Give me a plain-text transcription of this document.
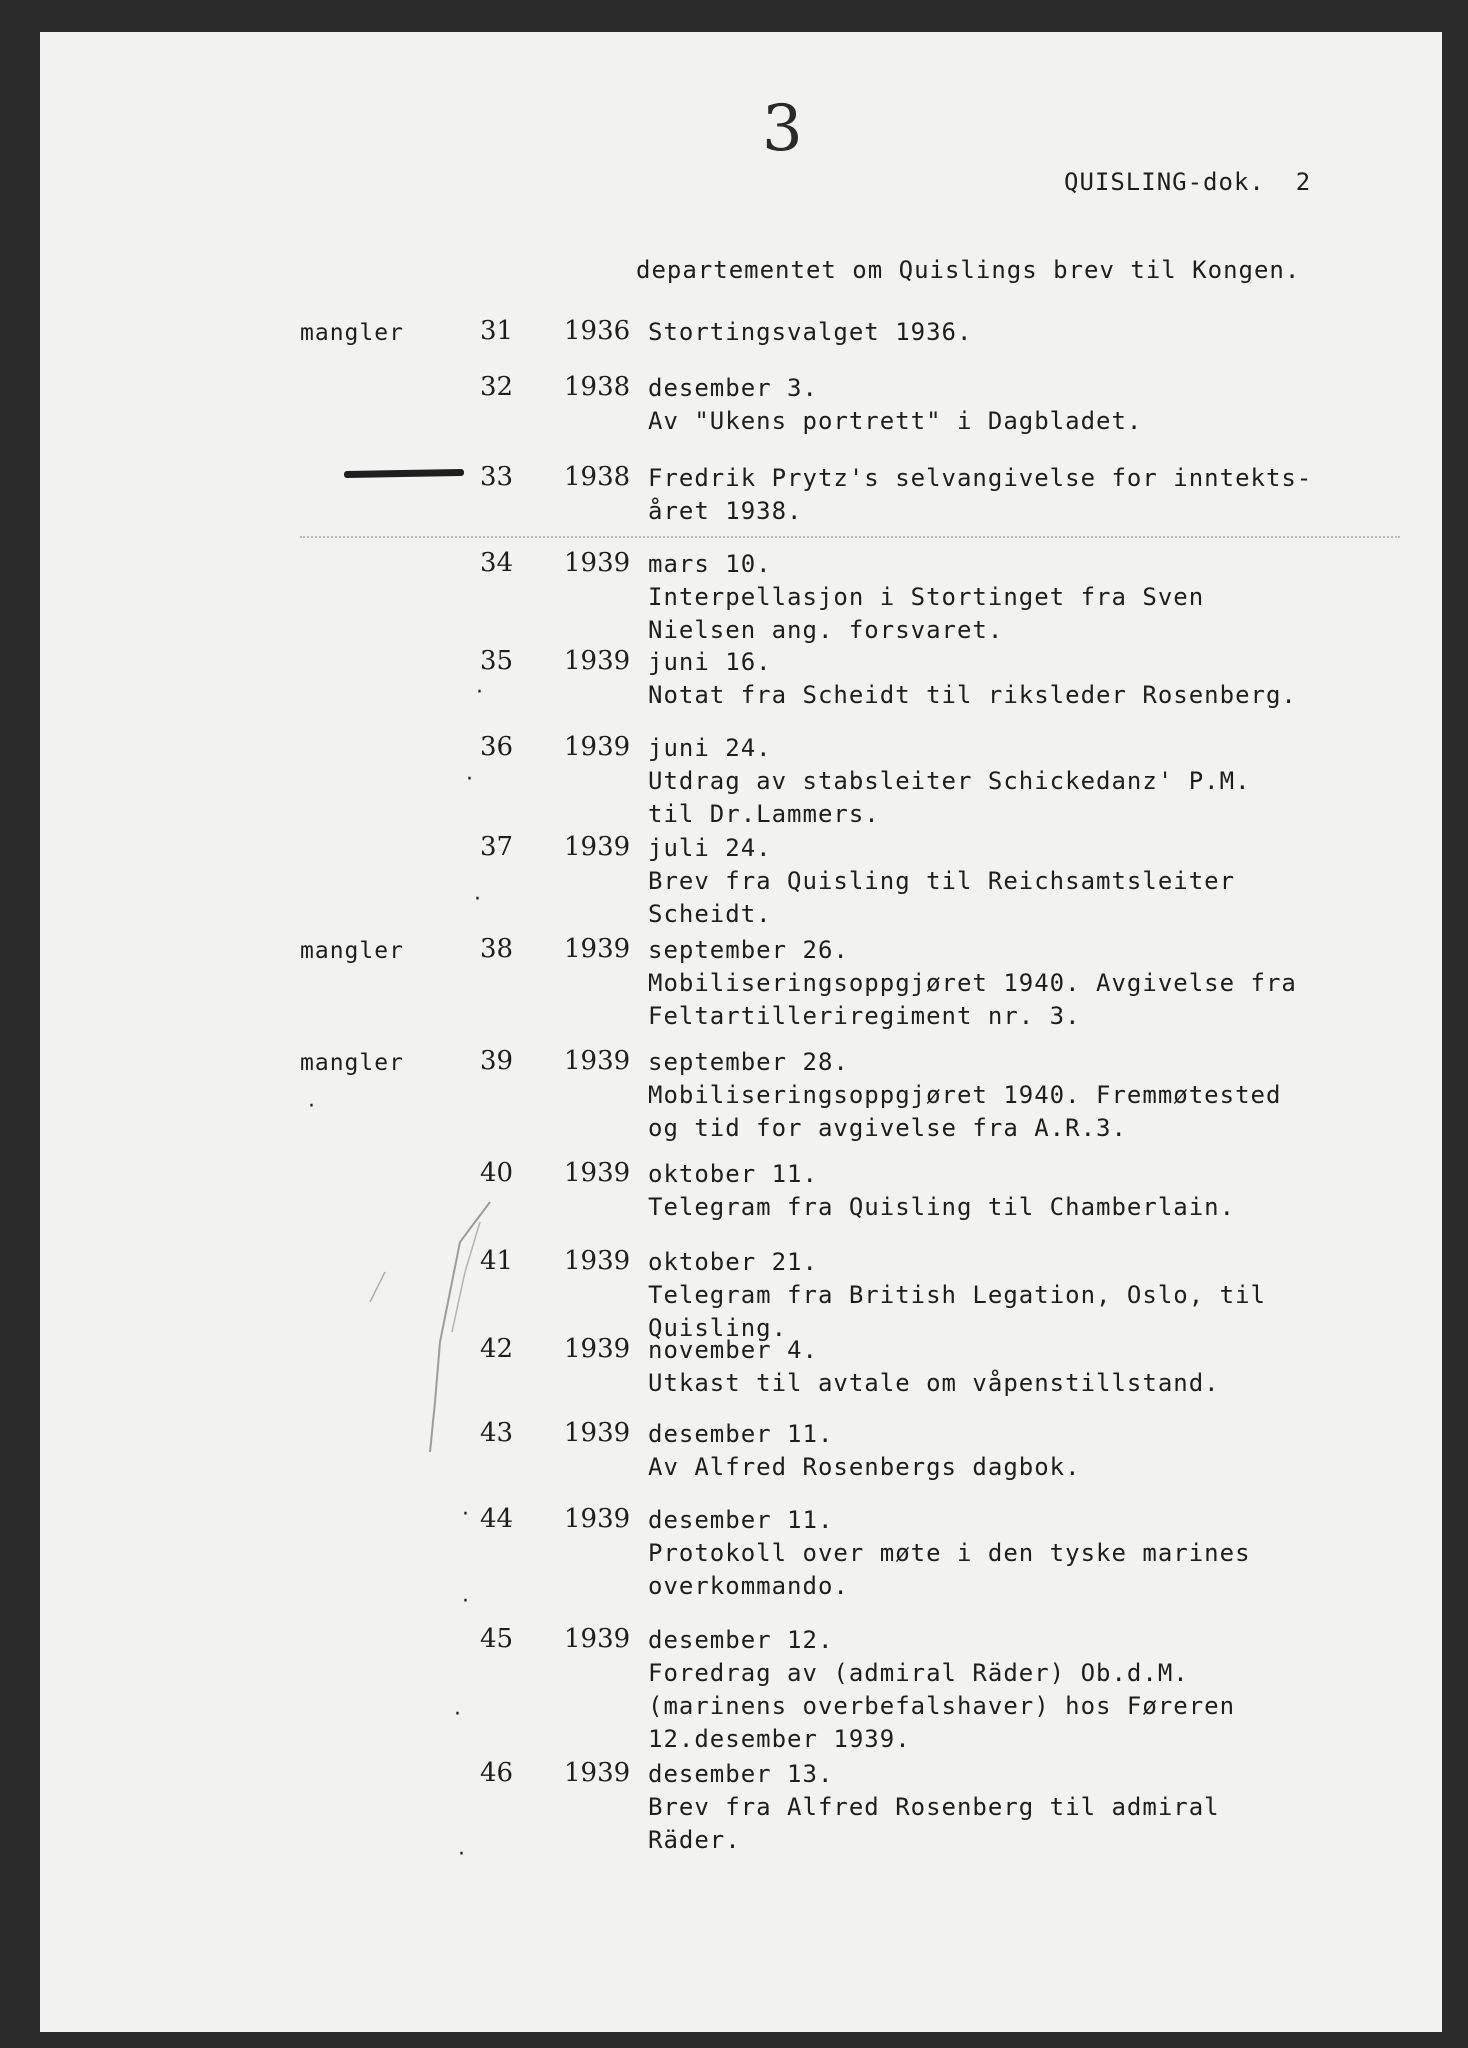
3
QUISLING-dok.  2
departementet om Quislings brev til Kongen.
·
·
·
·
·
·
·
·
mangler	31 1936 Stortingsvalget 1936.
32 1938 desember 3.
Av "Ukens portrett" i Dagbladet.
33 1938 Fredrik Prytz's selvangivelse for inntekts-
året 1938.
34 1939 mars 10.
Interpellasjon i Stortinget fra Sven
Nielsen ang. forsvaret.
35 1939 juni 16.
Notat fra Scheidt til riksleder Rosenberg.
36 1939 juni 24.
Utdrag av stabsleiter Schickedanz' P.M.
til Dr.Lammers.
37 1939 juli 24.
Brev fra Quisling til Reichsamtsleiter
Scheidt.
mangler	38 1939 september 26.
Mobiliseringsoppgjøret 1940. Avgivelse fra
Feltartilleriregiment nr. 3.
mangler	39 1939 september 28.
Mobiliseringsoppgjøret 1940. Fremmøtested
og tid for avgivelse fra A.R.3.
40 1939 oktober 11.
Telegram fra Quisling til Chamberlain.
41 1939 oktober 21.
Telegram fra British Legation, Oslo, til
Quisling.
42 1939 november 4.
Utkast til avtale om våpenstillstand.
43 1939 desember 11.
Av Alfred Rosenbergs dagbok.
44 1939 desember 11.
Protokoll over møte i den tyske marines
overkommando.
45 1939 desember 12.
Foredrag av (admiral Räder) Ob.d.M.
(marinens overbefalshaver) hos Føreren
12.desember 1939.
46 1939 desember 13.
Brev fra Alfred Rosenberg til admiral
Räder.
